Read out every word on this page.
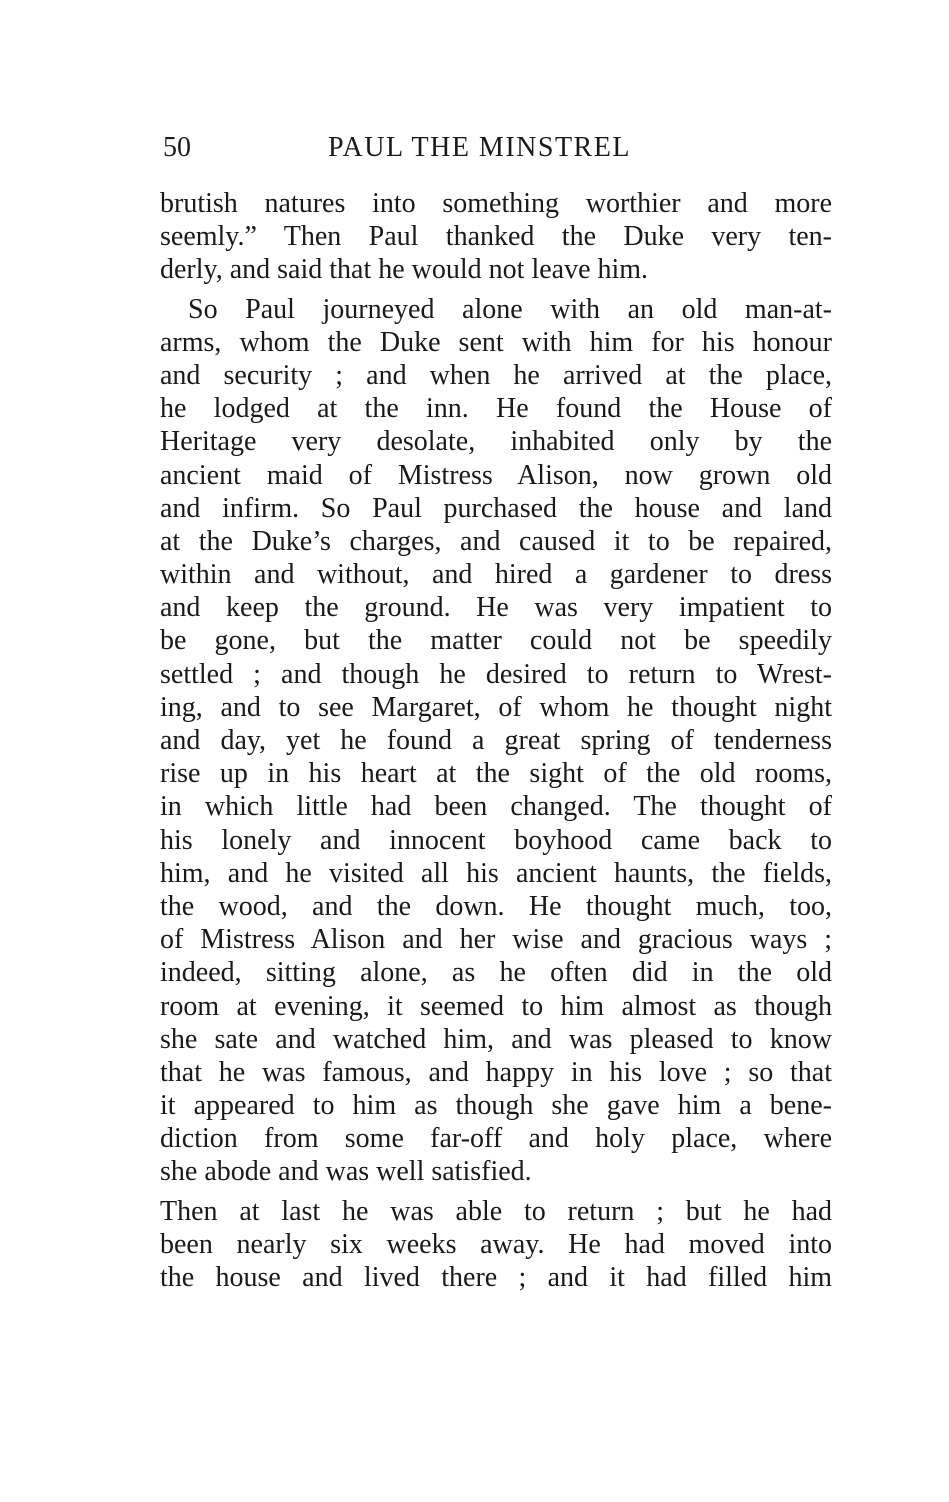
50	PAUL THE MINSTREL
brutish natures into something worthier and more
seemly.” Then Paul thanked the Duke very ten-
derly, and said that he would not leave him.
So Paul journeyed alone with an old man-at-
arms, whom the Duke sent with him for his honour
and security ; and when he arrived at the place,
he lodged at the inn. He found the House of
Heritage very desolate, inhabited only by the
ancient maid of Mistress Alison, now grown old
and infirm. So Paul purchased the house and land
at the Duke’s charges, and caused it to be repaired,
within and without, and hired a gardener to dress
and keep the ground. He was very impatient to
be gone, but the matter could not be speedily
settled ; and though he desired to return to Wrest-
ing, and to see Margaret, of whom he thought night
and day, yet he found a great spring of tenderness
rise up in his heart at the sight of the old rooms,
in which little had been changed. The thought of
his lonely and innocent boyhood came back to
him, and he visited all his ancient haunts, the fields,
the wood, and the down. He thought much, too,
of Mistress Alison and her wise and gracious ways ;
indeed, sitting alone, as he often did in the old
room at evening, it seemed to him almost as though
she sate and watched him, and was pleased to know
that he was famous, and happy in his love ; so that
it appeared to him as though she gave him a bene-
diction from some far-off and holy place, where
she abode and was well satisfied.
Then at last he was able to return ; but he had
been nearly six weeks away. He had moved into
the house and lived there ; and it had filled him
